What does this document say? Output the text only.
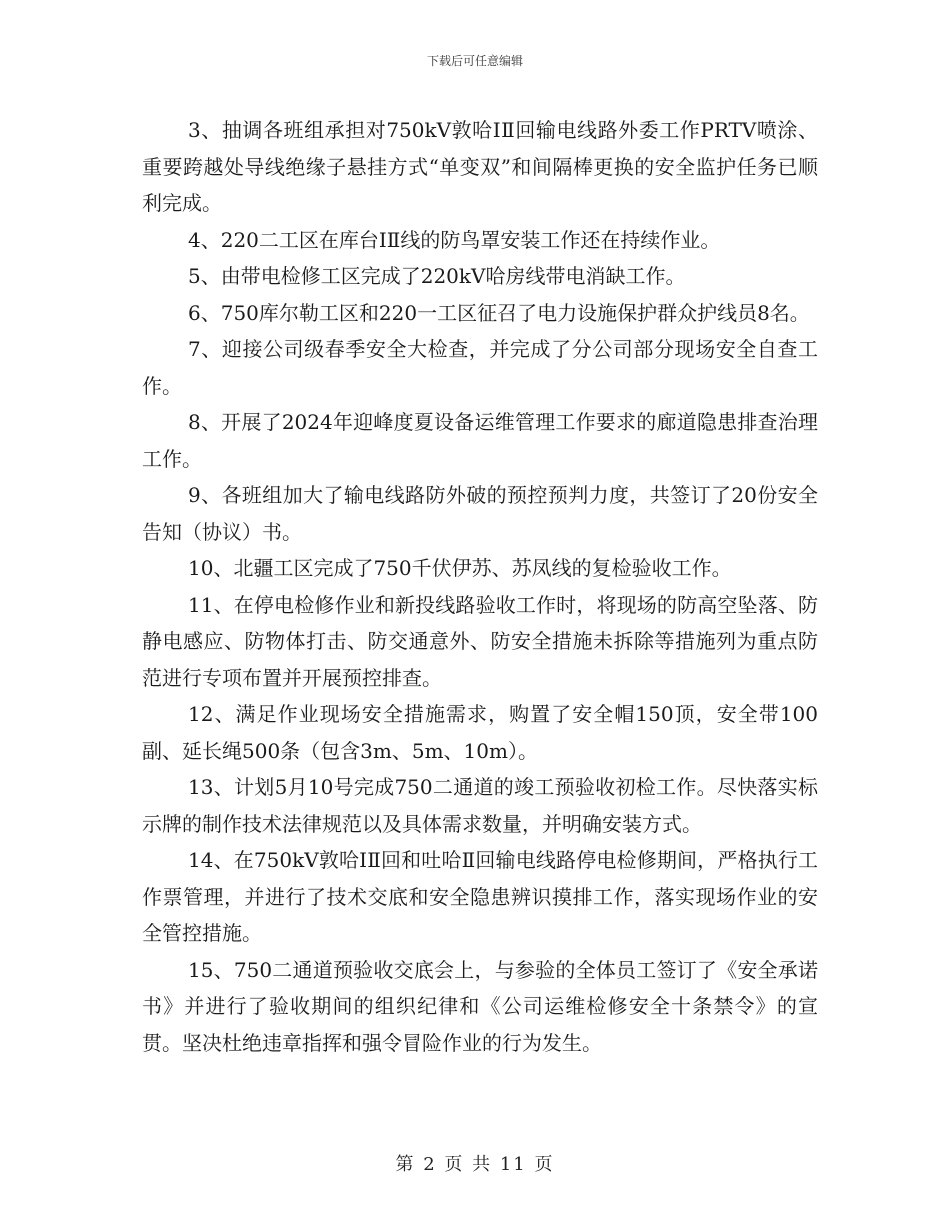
下载后可任意编辑

3、抽调各班组承担对750kV敦哈ⅠⅡ回输电线路外委工作PRTV喷涂、重要跨越处导线绝缘子悬挂方式“单变双”和间隔棒更换的安全监护任务已顺利完成。

4、220二工区在库台ⅠⅡ线的防鸟罩安装工作还在持续作业。

5、由带电检修工区完成了220kV哈房线带电消缺工作。

6、750库尔勒工区和220一工区征召了电力设施保护群众护线员8名。

7、迎接公司级春季安全大检查，并完成了分公司部分现场安全自查工作。

8、开展了2024年迎峰度夏设备运维管理工作要求的廊道隐患排查治理工作。

9、各班组加大了输电线路防外破的预控预判力度，共签订了20份安全告知（协议）书。

10、北疆工区完成了750千伏伊苏、苏凤线的复检验收工作。

11、在停电检修作业和新投线路验收工作时，将现场的防高空坠落、防静电感应、防物体打击、防交通意外、防安全措施未拆除等措施列为重点防范进行专项布置并开展预控排查。

12、满足作业现场安全措施需求，购置了安全帽150顶，安全带100副、延长绳500条（包含3m、5m、10m）。

13、计划5月10号完成750二通道的竣工预验收初检工作。尽快落实标示牌的制作技术法律规范以及具体需求数量，并明确安装方式。

14、在750kV敦哈ⅠⅡ回和吐哈Ⅱ回输电线路停电检修期间，严格执行工作票管理，并进行了技术交底和安全隐患辨识摸排工作，落实现场作业的安全管控措施。

15、750二通道预验收交底会上，与参验的全体员工签订了《安全承诺书》并进行了验收期间的组织纪律和《公司运维检修安全十条禁令》的宣贯。坚决杜绝违章指挥和强令冒险作业的行为发生。

第 2 页 共 11 页
